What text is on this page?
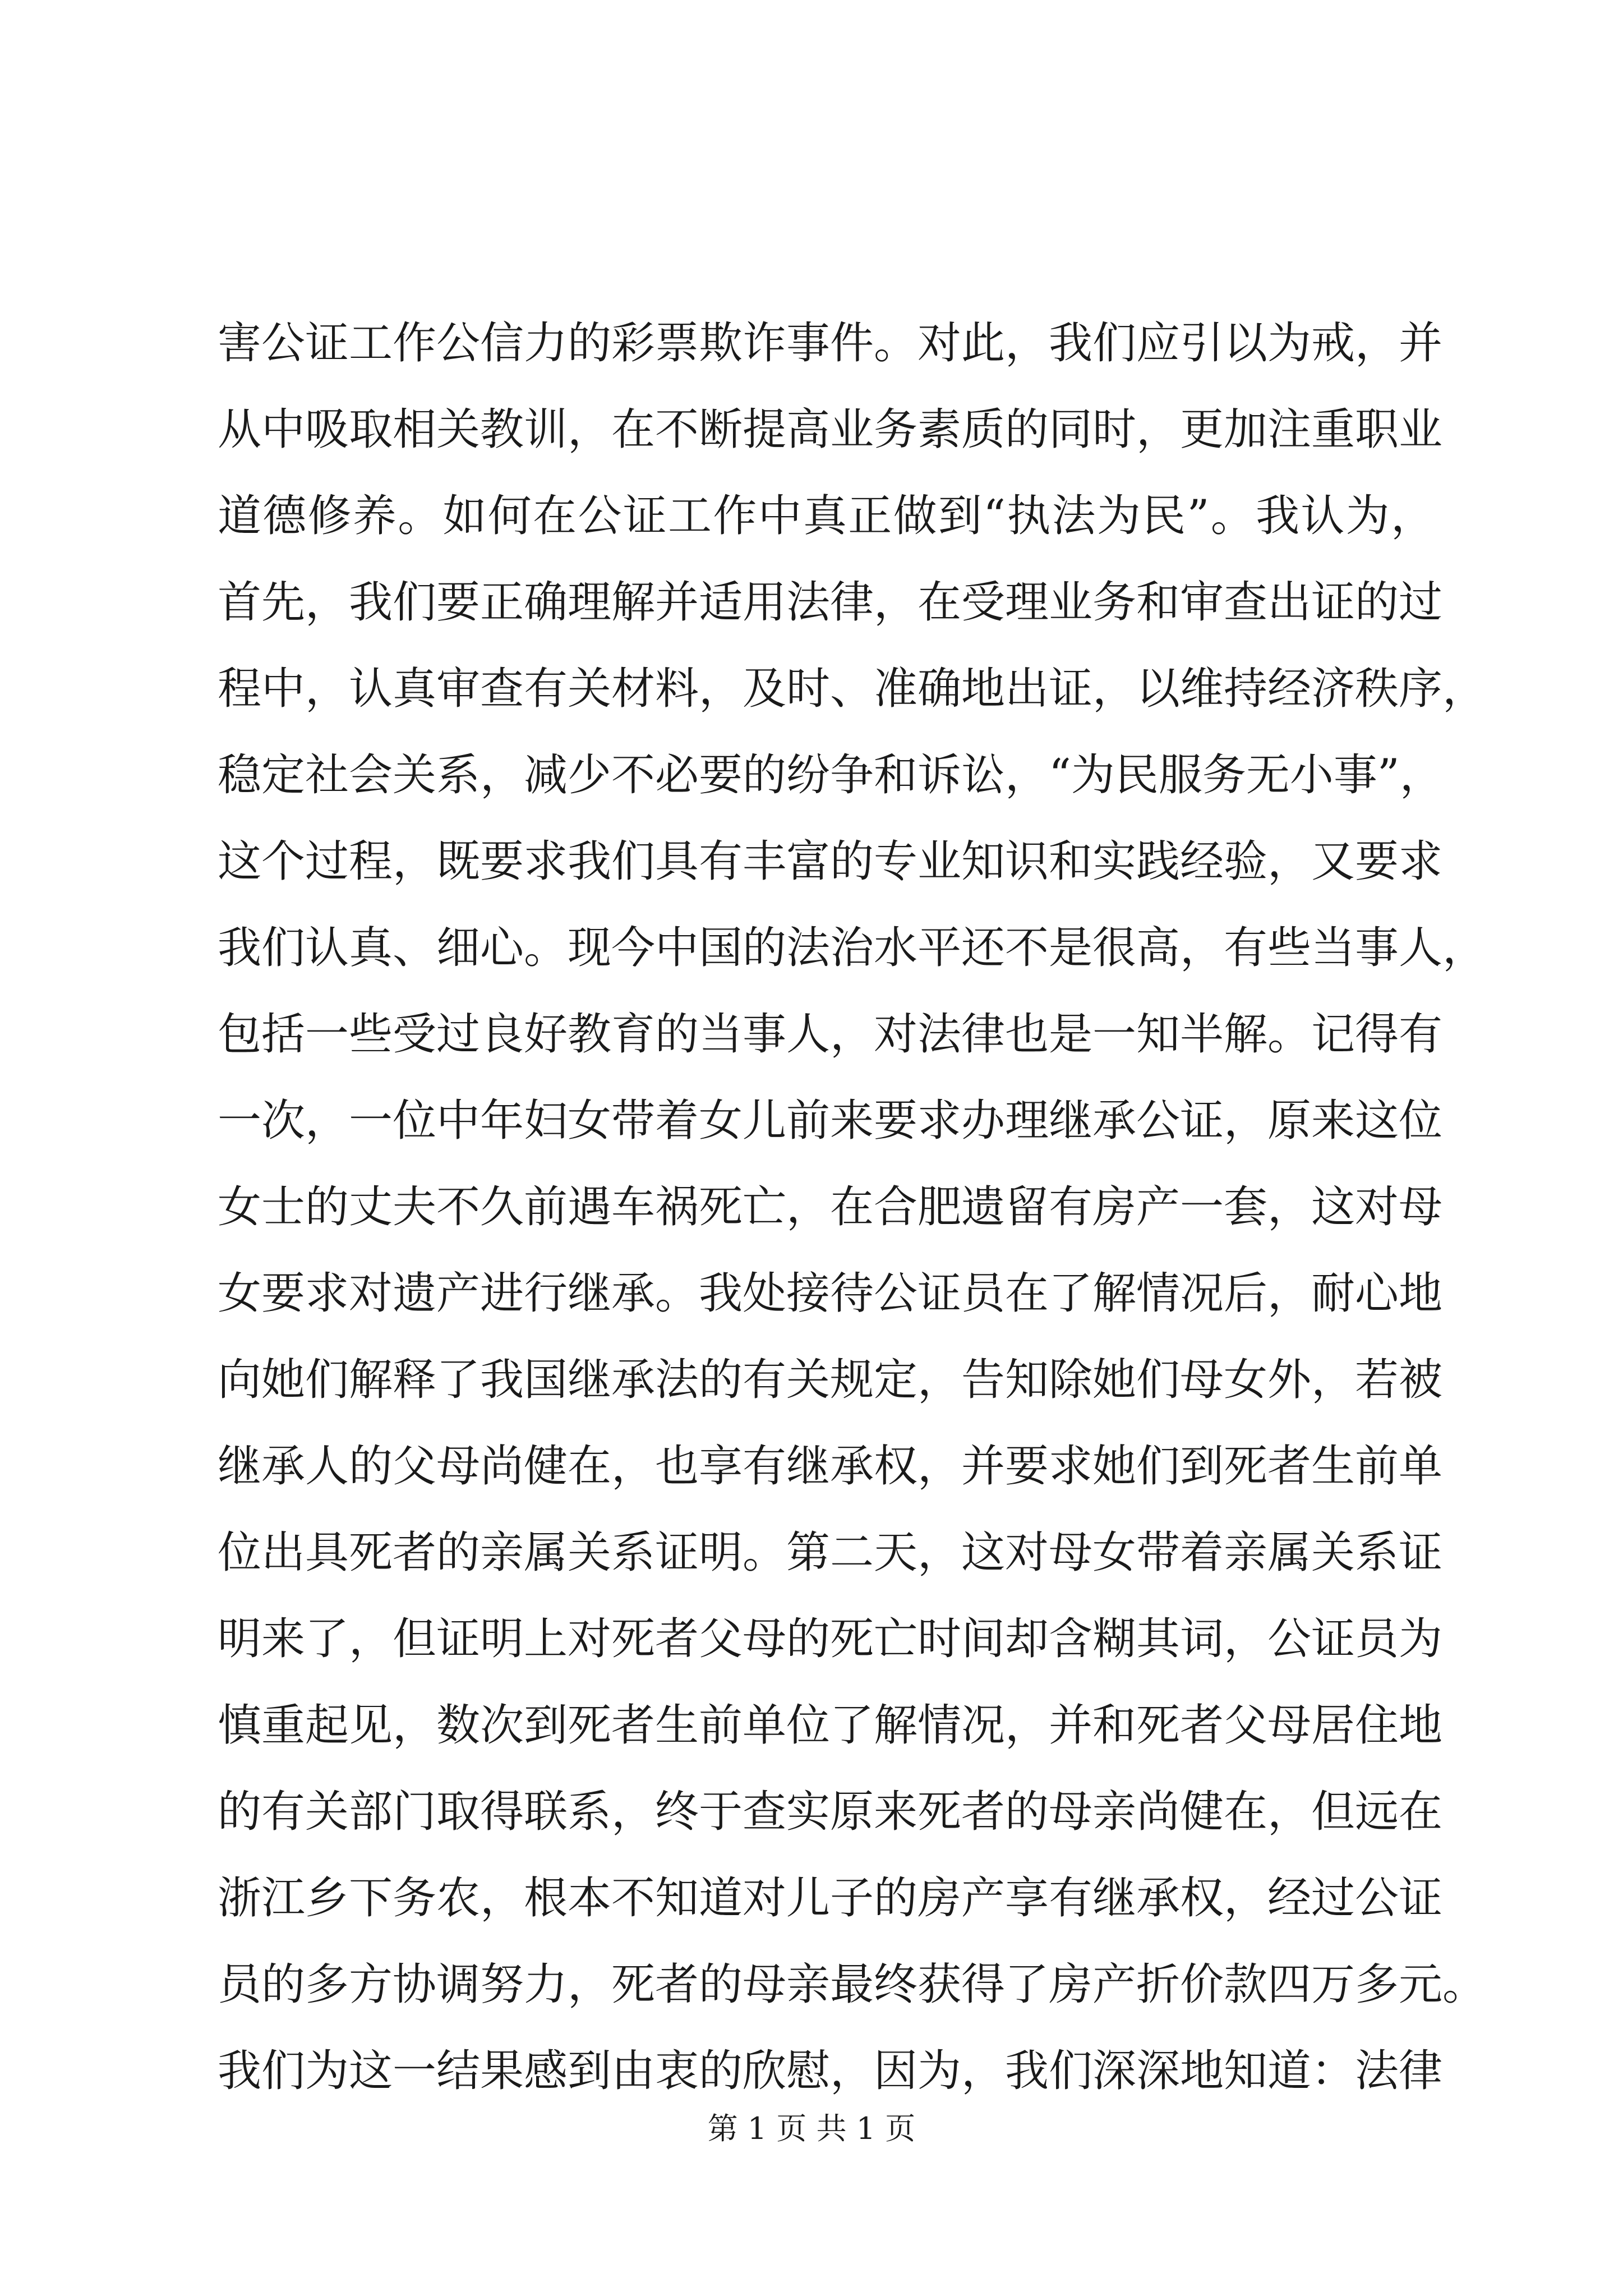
害公证工作公信力的彩票欺诈事件。对此，我们应引以为戒，并
从中吸取相关教训，在不断提高业务素质的同时，更加注重职业
道德修养。如何在公证工作中真正做到“执法为民”。我认为，
首先，我们要正确理解并适用法律，在受理业务和审查出证的过
程中，认真审查有关材料，及时、准确地出证，以维持经济秩序，
稳定社会关系，减少不必要的纷争和诉讼，“为民服务无小事”，
这个过程，既要求我们具有丰富的专业知识和实践经验，又要求
我们认真、细心。现今中国的法治水平还不是很高，有些当事人，
包括一些受过良好教育的当事人，对法律也是一知半解。记得有
一次，一位中年妇女带着女儿前来要求办理继承公证，原来这位
女士的丈夫不久前遇车祸死亡，在合肥遗留有房产一套，这对母
女要求对遗产进行继承。我处接待公证员在了解情况后，耐心地
向她们解释了我国继承法的有关规定，告知除她们母女外，若被
继承人的父母尚健在，也享有继承权，并要求她们到死者生前单
位出具死者的亲属关系证明。第二天，这对母女带着亲属关系证
明来了，但证明上对死者父母的死亡时间却含糊其词，公证员为
慎重起见，数次到死者生前单位了解情况，并和死者父母居住地
的有关部门取得联系，终于查实原来死者的母亲尚健在，但远在
浙江乡下务农，根本不知道对儿子的房产享有继承权，经过公证
员的多方协调努力，死者的母亲最终获得了房产折价款四万多元。
我们为这一结果感到由衷的欣慰，因为，我们深深地知道：法律
第 1 页 共 1 页
